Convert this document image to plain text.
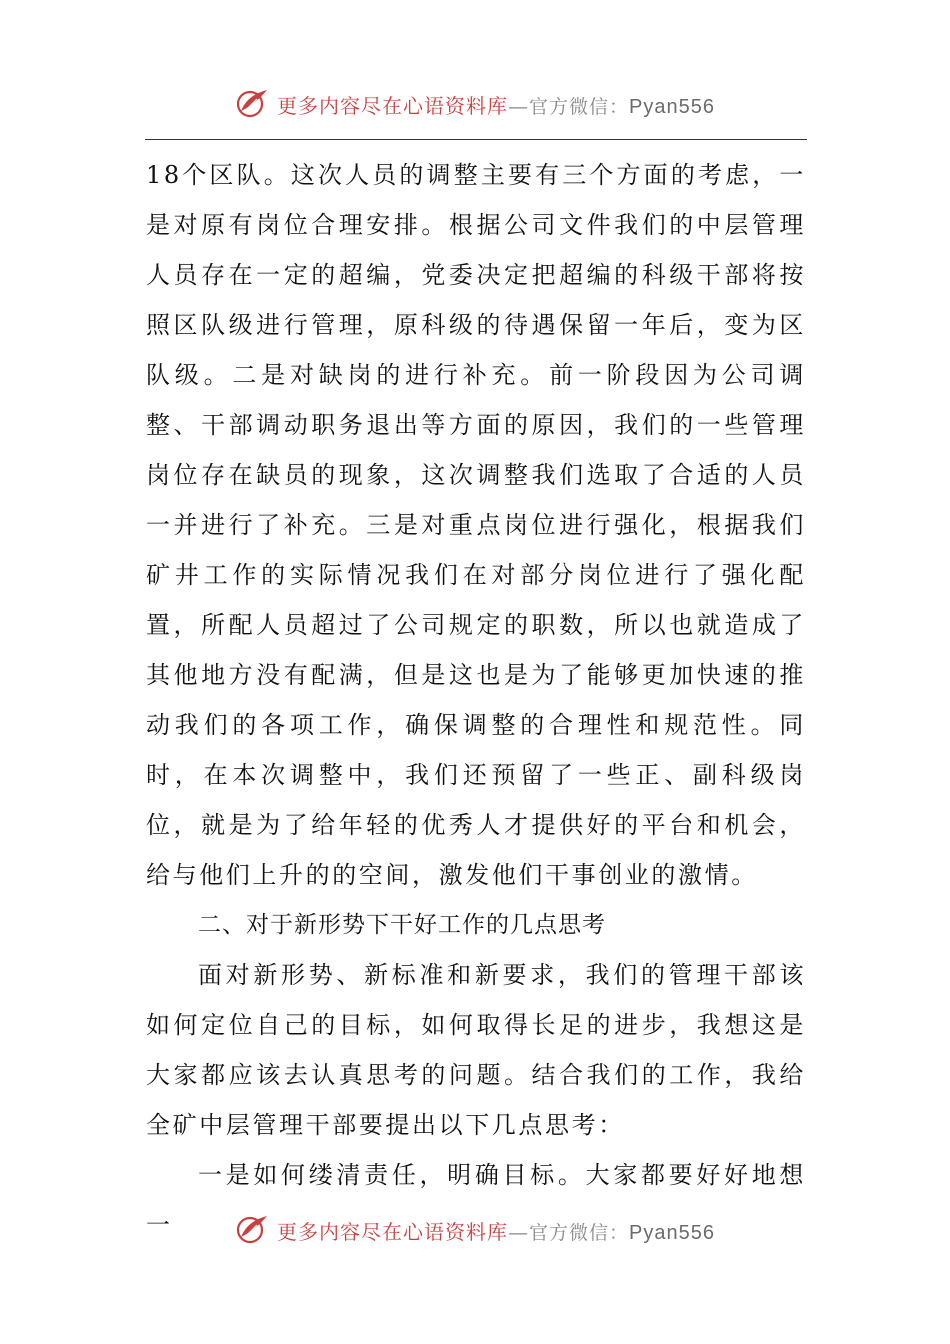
更多内容尽在心语资料库—官方微信：Pyan556

18个区队。这次人员的调整主要有三个方面的考虑，一是对原有岗位合理安排。根据公司文件我们的中层管理人员存在一定的超编，党委决定把超编的科级干部将按照区队级进行管理，原科级的待遇保留一年后，变为区队级。二是对缺岗的进行补充。前一阶段因为公司调整、干部调动职务退出等方面的原因，我们的一些管理岗位存在缺员的现象，这次调整我们选取了合适的人员一并进行了补充。三是对重点岗位进行强化，根据我们矿井工作的实际情况我们在对部分岗位进行了强化配置，所配人员超过了公司规定的职数，所以也就造成了其他地方没有配满，但是这也是为了能够更加快速的推动我们的各项工作，确保调整的合理性和规范性。同时，在本次调整中，我们还预留了一些正、副科级岗位，就是为了给年轻的优秀人才提供好的平台和机会，给与他们上升的的空间，激发他们干事创业的激情。

二、对于新形势下干好工作的几点思考

面对新形势、新标准和新要求，我们的管理干部该如何定位自己的目标，如何取得长足的进步，我想这是大家都应该去认真思考的问题。结合我们的工作，我给全矿中层管理干部要提出以下几点思考：

一是如何缕清责任，明确目标。大家都要好好地想一	更多内容尽在心语资料库—官方微信：Pyan556
